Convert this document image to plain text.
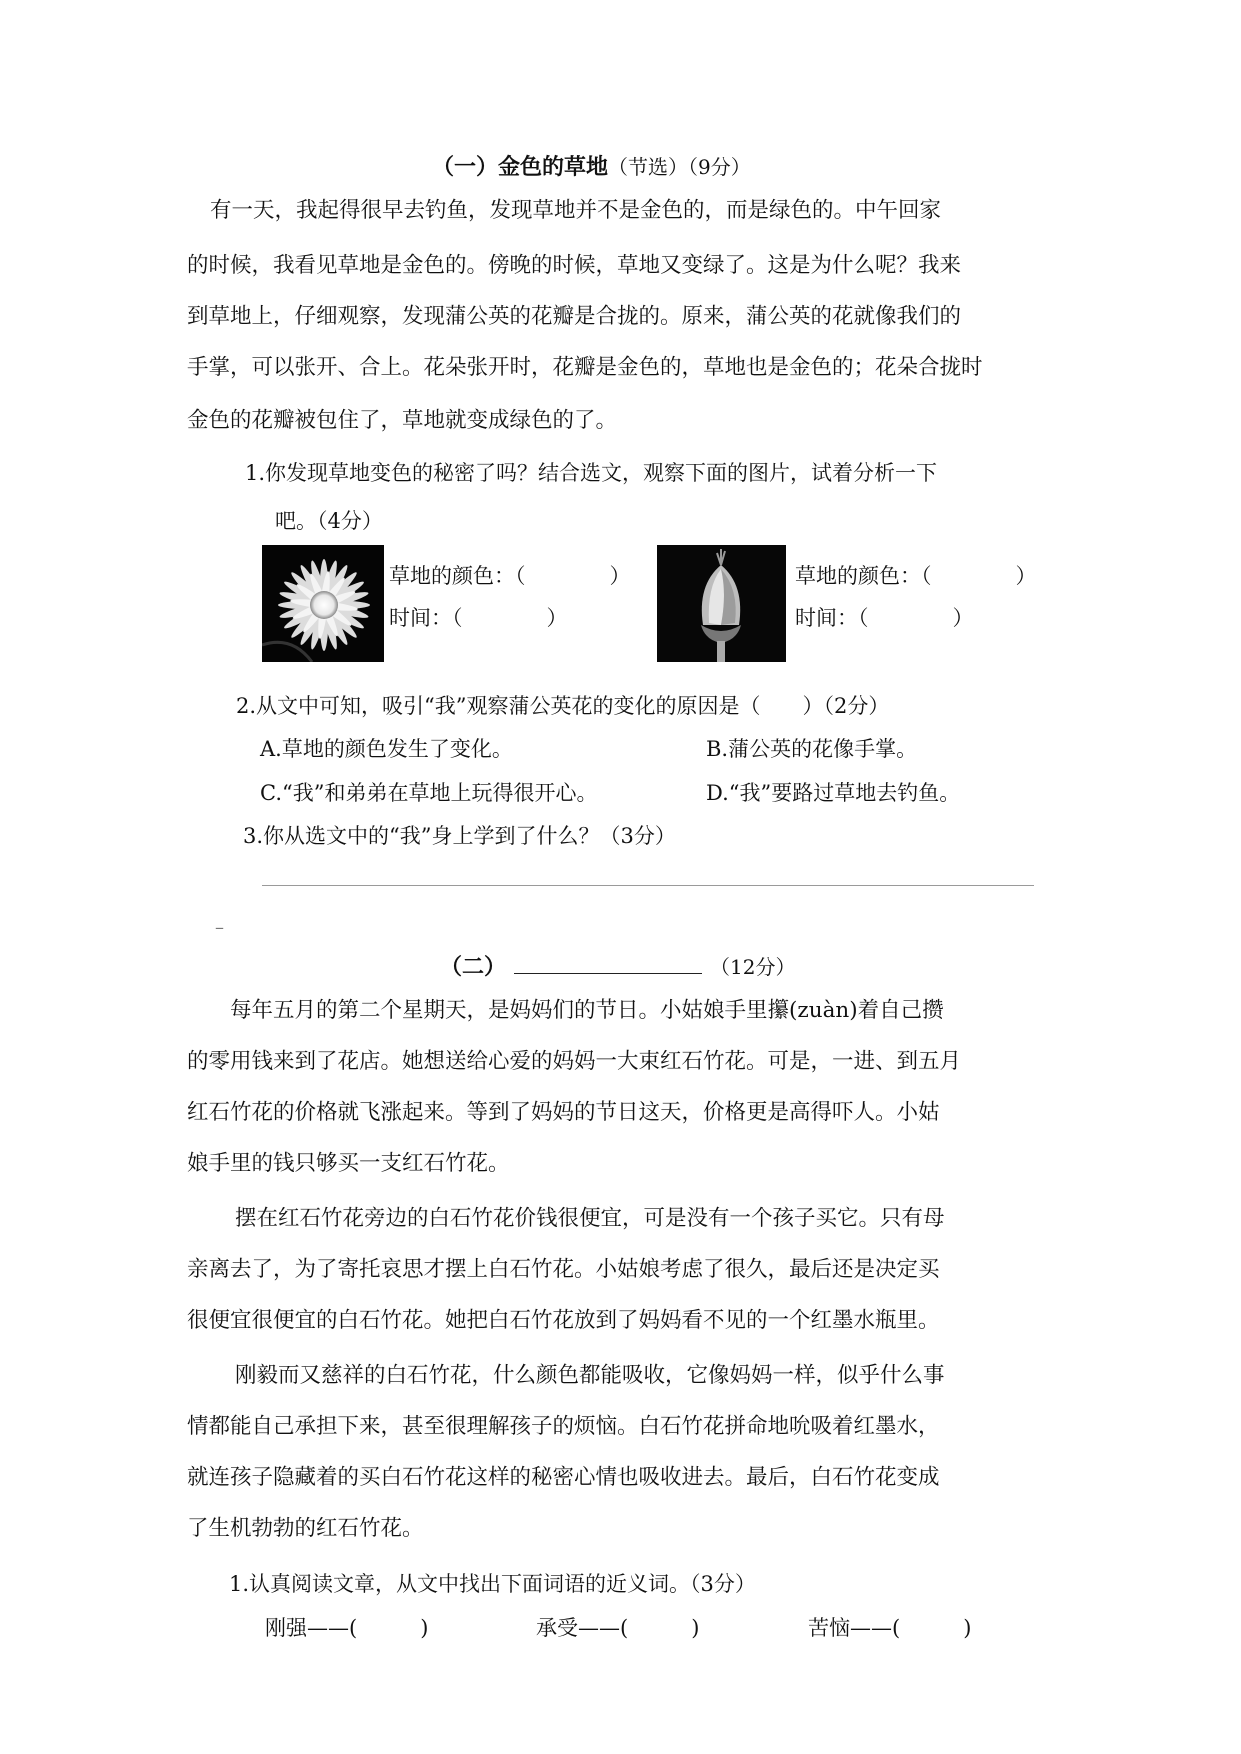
（一）金色的草地（节选）（9分）
有一天，我起得很早去钓鱼，发现草地并不是金色的，而是绿色的。中午回家
的时候，我看见草地是金色的。傍晚的时候，草地又变绿了。这是为什么呢？我来
到草地上，仔细观察，发现蒲公英的花瓣是合拢的。原来，蒲公英的花就像我们的
手掌，可以张开、合上。花朵张开时，花瓣是金色的，草地也是金色的；花朵合拢时
金色的花瓣被包住了，草地就变成绿色的了。
1.你发现草地变色的秘密了吗？结合选文，观察下面的图片，试着分析一下
吧。（4分）
草地的颜色：（　　　　）
时间：（　　　　）
草地的颜色：（　　　　）
时间：（　　　　）
2.从文中可知，吸引“我”观察蒲公英花的变化的原因是（　　）（2分）
A.草地的颜色发生了变化。	B.蒲公英的花像手掌。
C.“我”和弟弟在草地上玩得很开心。	D.“我”要路过草地去钓鱼。
3.你从选文中的“我”身上学到了什么？（3分）
–
（二）	（12分）
每年五月的第二个星期天，是妈妈们的节日。小姑娘手里攥(zuàn)着自己攒
的零用钱来到了花店。她想送给心爱的妈妈一大束红石竹花。可是，一进、到五月
红石竹花的价格就飞涨起来。等到了妈妈的节日这天，价格更是高得吓人。小姑
娘手里的钱只够买一支红石竹花。
摆在红石竹花旁边的白石竹花价钱很便宜，可是没有一个孩子买它。只有母
亲离去了，为了寄托哀思才摆上白石竹花。小姑娘考虑了很久，最后还是决定买
很便宜很便宜的白石竹花。她把白石竹花放到了妈妈看不见的一个红墨水瓶里。
刚毅而又慈祥的白石竹花，什么颜色都能吸收，它像妈妈一样，似乎什么事
情都能自己承担下来，甚至很理解孩子的烦恼。白石竹花拼命地吮吸着红墨水，
就连孩子隐藏着的买白石竹花这样的秘密心情也吸收进去。最后，白石竹花变成
了生机勃勃的红石竹花。
1.认真阅读文章，从文中找出下面词语的近义词。（3分）
刚强——(　　　)	承受——(　　　)	苦恼——(　　　)
